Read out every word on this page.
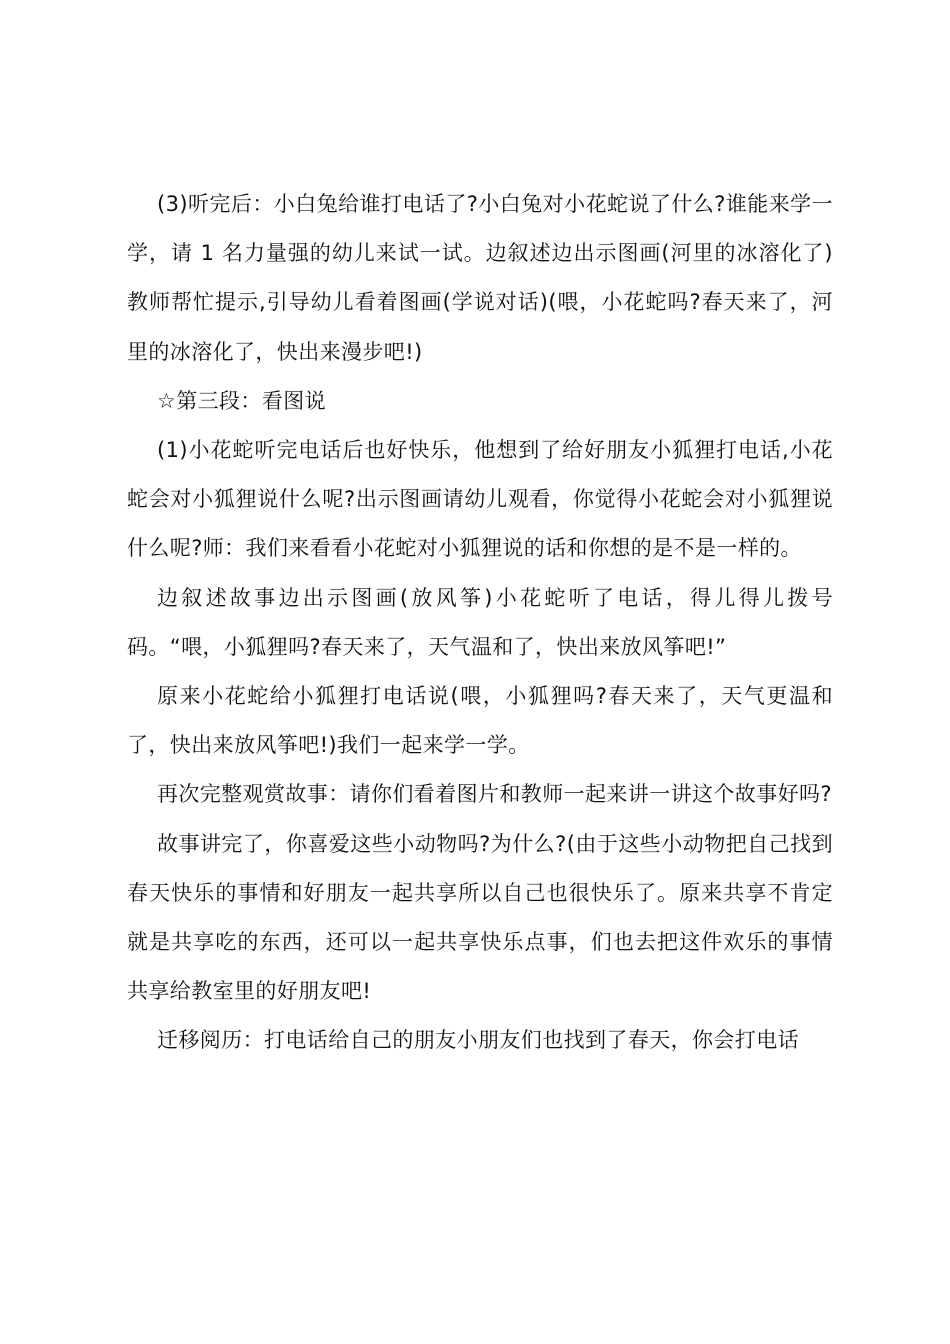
(3)听完后：小白兔给谁打电话了?小白兔对小花蛇说了什么?谁能来学一学，请 1 名力量强的幼儿来试一试。边叙述边出示图画(河里的冰溶化了)教师帮忙提示,引导幼儿看着图画(学说对话)(喂，小花蛇吗?春天来了，河里的冰溶化了，快出来漫步吧!)

☆第三段：看图说

(1)小花蛇听完电话后也好快乐，他想到了给好朋友小狐狸打电话,小花蛇会对小狐狸说什么呢?出示图画请幼儿观看，你觉得小花蛇会对小狐狸说什么呢?师：我们来看看小花蛇对小狐狸说的话和你想的是不是一样的。

边叙述故事边出示图画(放风筝)小花蛇听了电话，得儿得儿拨号码。“喂，小狐狸吗?春天来了，天气温和了，快出来放风筝吧!”

原来小花蛇给小狐狸打电话说(喂，小狐狸吗?春天来了，天气更温和了，快出来放风筝吧!)我们一起来学一学。

再次完整观赏故事：请你们看着图片和教师一起来讲一讲这个故事好吗?

故事讲完了，你喜爱这些小动物吗?为什么?(由于这些小动物把自己找到春天快乐的事情和好朋友一起共享所以自己也很快乐了。原来共享不肯定就是共享吃的东西，还可以一起共享快乐点事，们也去把这件欢乐的事情共享给教室里的好朋友吧!

迁移阅历：打电话给自己的朋友小朋友们也找到了春天，你会打电话
